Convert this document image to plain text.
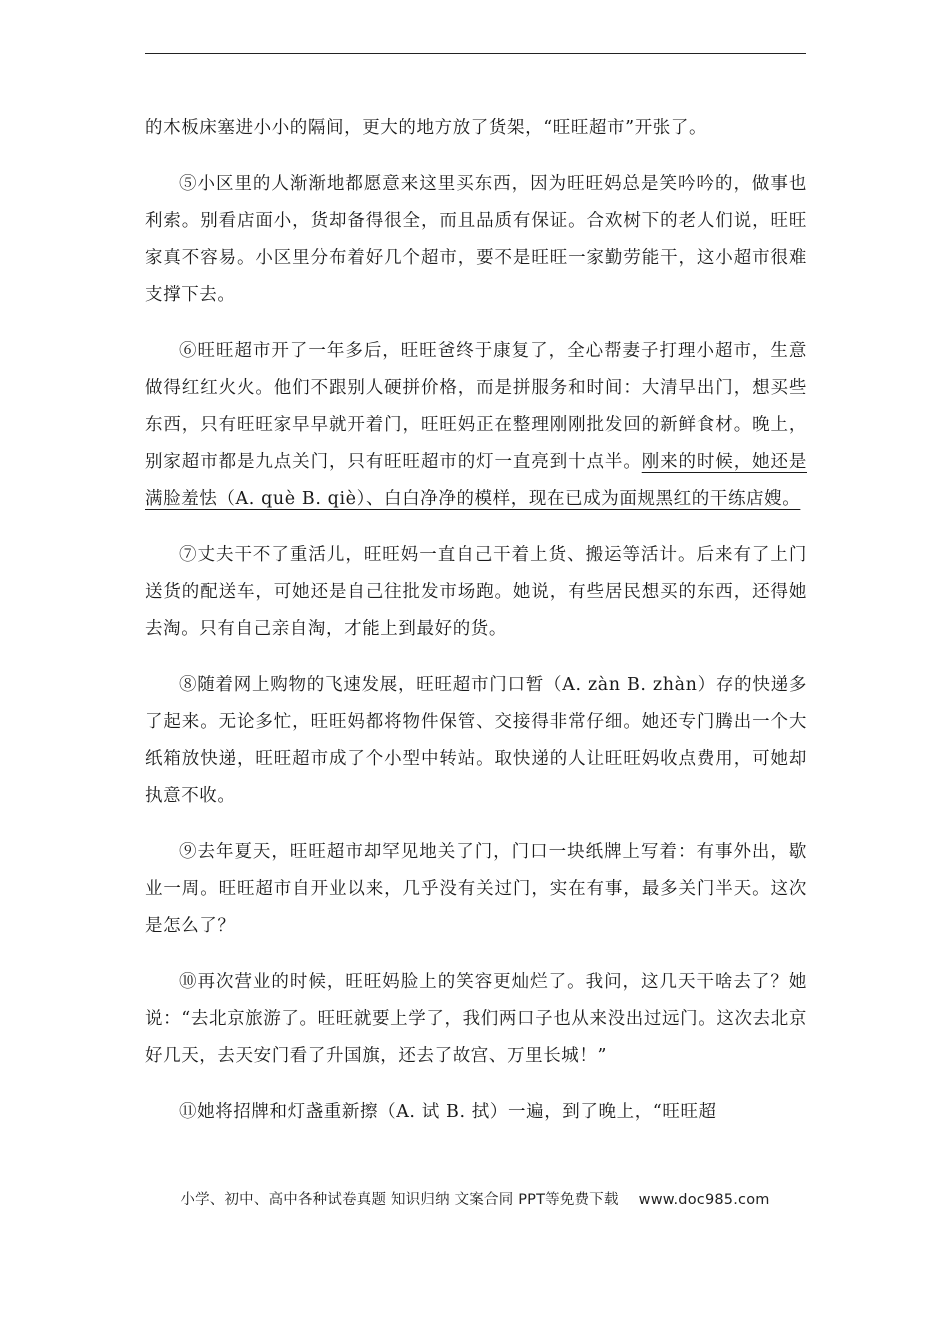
的木板床塞进小小的隔间，更大的地方放了货架，“旺旺超市”开张了。

⑤小区里的人渐渐地都愿意来这里买东西，因为旺旺妈总是笑吟吟的，做事也利索。别看店面小，货却备得很全，而且品质有保证。合欢树下的老人们说，旺旺家真不容易。小区里分布着好几个超市，要不是旺旺一家勤劳能干，这小超市很难支撑下去。

⑥旺旺超市开了一年多后，旺旺爸终于康复了，全心帮妻子打理小超市，生意做得红红火火。他们不跟别人硬拼价格，而是拼服务和时间：大清早出门，想买些东西，只有旺旺家早早就开着门，旺旺妈正在整理刚刚批发回的新鲜食材。晚上，别家超市都是九点关门，只有旺旺超市的灯一直亮到十点半。刚来的时候，她还是满脸羞怯（A. què B. qiè）、白白净净的模样，现在已成为面规黑红的干练店嫂。

⑦丈夫干不了重活儿，旺旺妈一直自己干着上货、搬运等活计。后来有了上门送货的配送车，可她还是自己往批发市场跑。她说，有些居民想买的东西，还得她去淘。只有自己亲自淘，才能上到最好的货。

⑧随着网上购物的飞速发展，旺旺超市门口暂（A. zàn B. zhàn）存的快递多了起来。无论多忙，旺旺妈都将物件保管、交接得非常仔细。她还专门腾出一个大纸箱放快递，旺旺超市成了个小型中转站。取快递的人让旺旺妈收点费用，可她却执意不收。

⑨去年夏天，旺旺超市却罕见地关了门，门口一块纸牌上写着：有事外出，歇业一周。旺旺超市自开业以来，几乎没有关过门，实在有事，最多关门半天。这次是怎么了？

⑩再次营业的时候，旺旺妈脸上的笑容更灿烂了。我问，这几天干啥去了？她说：“去北京旅游了。旺旺就要上学了，我们两口子也从来没出过远门。这次去北京好几天，去天安门看了升国旗，还去了故宫、万里长城！”

⑪她将招牌和灯盏重新擦（A. 试 B. 拭）一遍，到了晚上，“旺旺超

小学、初中、高中各种试卷真题 知识归纳 文案合同 PPT等免费下载 www.doc985.com
